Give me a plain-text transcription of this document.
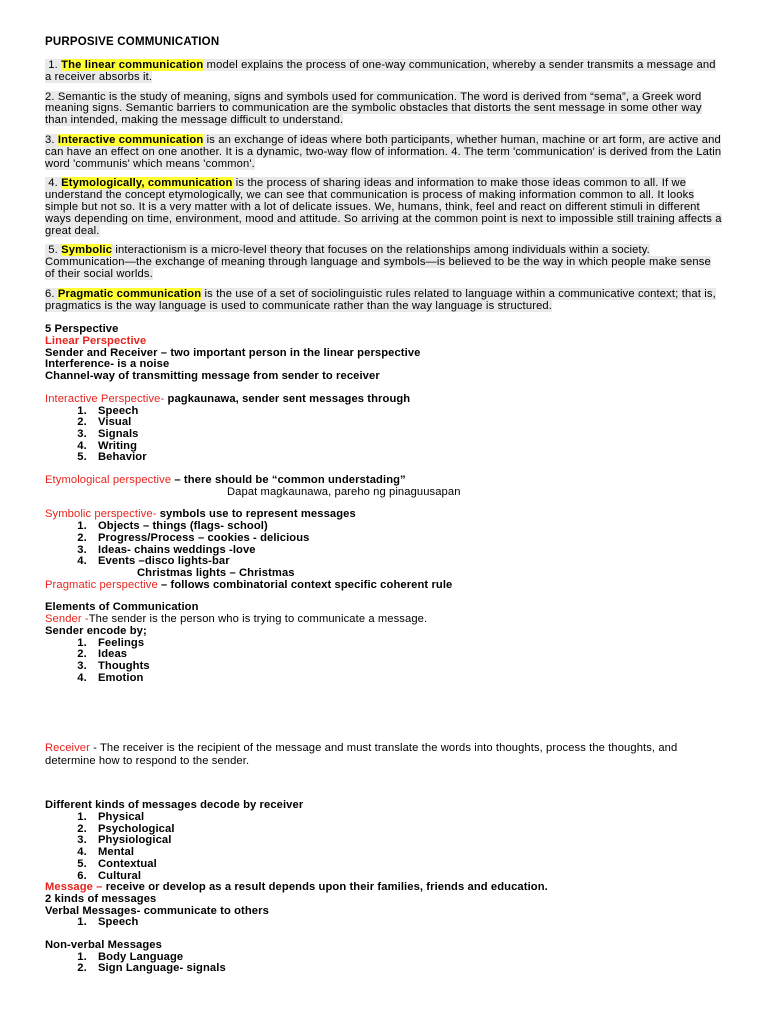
PURPOSIVE COMMUNICATION

1. The linear communication model explains the process of one-way communication, whereby a sender transmits a message and a receiver absorbs it.

2. Semantic is the study of meaning, signs and symbols used for communication. The word is derived from “sema”, a Greek word meaning signs. Semantic barriers to communication are the symbolic obstacles that distorts the sent message in some other way than intended, making the message difficult to understand.

3. Interactive communication is an exchange of ideas where both participants, whether human, machine or art form, are active and can have an effect on one another. It is a dynamic, two-way flow of information. 4. The term 'communication' is derived from the Latin word 'communis' which means 'common'.

4. Etymologically, communication is the process of sharing ideas and information to make those ideas common to all. If we understand the concept etymologically, we can see that communication is process of making information common to all. It looks simple but not so. It is a very matter with a lot of delicate issues. We, humans, think, feel and react on different stimuli in different ways depending on time, environment, mood and attitude. So arriving at the common point is next to impossible still training affects a great deal.

5. Symbolic interactionism is a micro-level theory that focuses on the relationships among individuals within a society. Communication—the exchange of meaning through language and symbols—is believed to be the way in which people make sense of their social worlds.

6. Pragmatic communication is the use of a set of sociolinguistic rules related to language within a communicative context; that is, pragmatics is the way language is used to communicate rather than the way language is structured.

5 Perspective
Linear Perspective
Sender and Receiver – two important person in the linear perspective
Interference- is a noise
Channel-way of transmitting message from sender to receiver
Interactive Perspective- pagkaunawa, sender sent messages through
1. Speech
2. Visual
3. Signals
4. Writing
5. Behavior
Etymological perspective – there should be “common understading”
Dapat magkaunawa, pareho ng pinaguusapan
Symbolic perspective- symbols use to represent messages
1. Objects – things (flags- school)
2. Progress/Process – cookies - delicious
3. Ideas- chains weddings -love
4. Events –disco lights-bar
Christmas lights – Christmas
Pragmatic perspective – follows combinatorial context specific coherent rule
Elements of Communication
Sender -The sender is the person who is trying to communicate a message.
Sender encode by;
1. Feelings
2. Ideas
3. Thoughts
4. Emotion
Receiver - The receiver is the recipient of the message and must translate the words into thoughts, process the thoughts, and determine how to respond to the sender.
Different kinds of messages decode by receiver
1. Physical
2. Psychological
3. Physiological
4. Mental
5. Contextual
6. Cultural
Message – receive or develop as a result depends upon their families, friends and education.
2 kinds of messages
Verbal Messages- communicate to others
1. Speech
Non-verbal Messages
1. Body Language
2. Sign Language- signals
